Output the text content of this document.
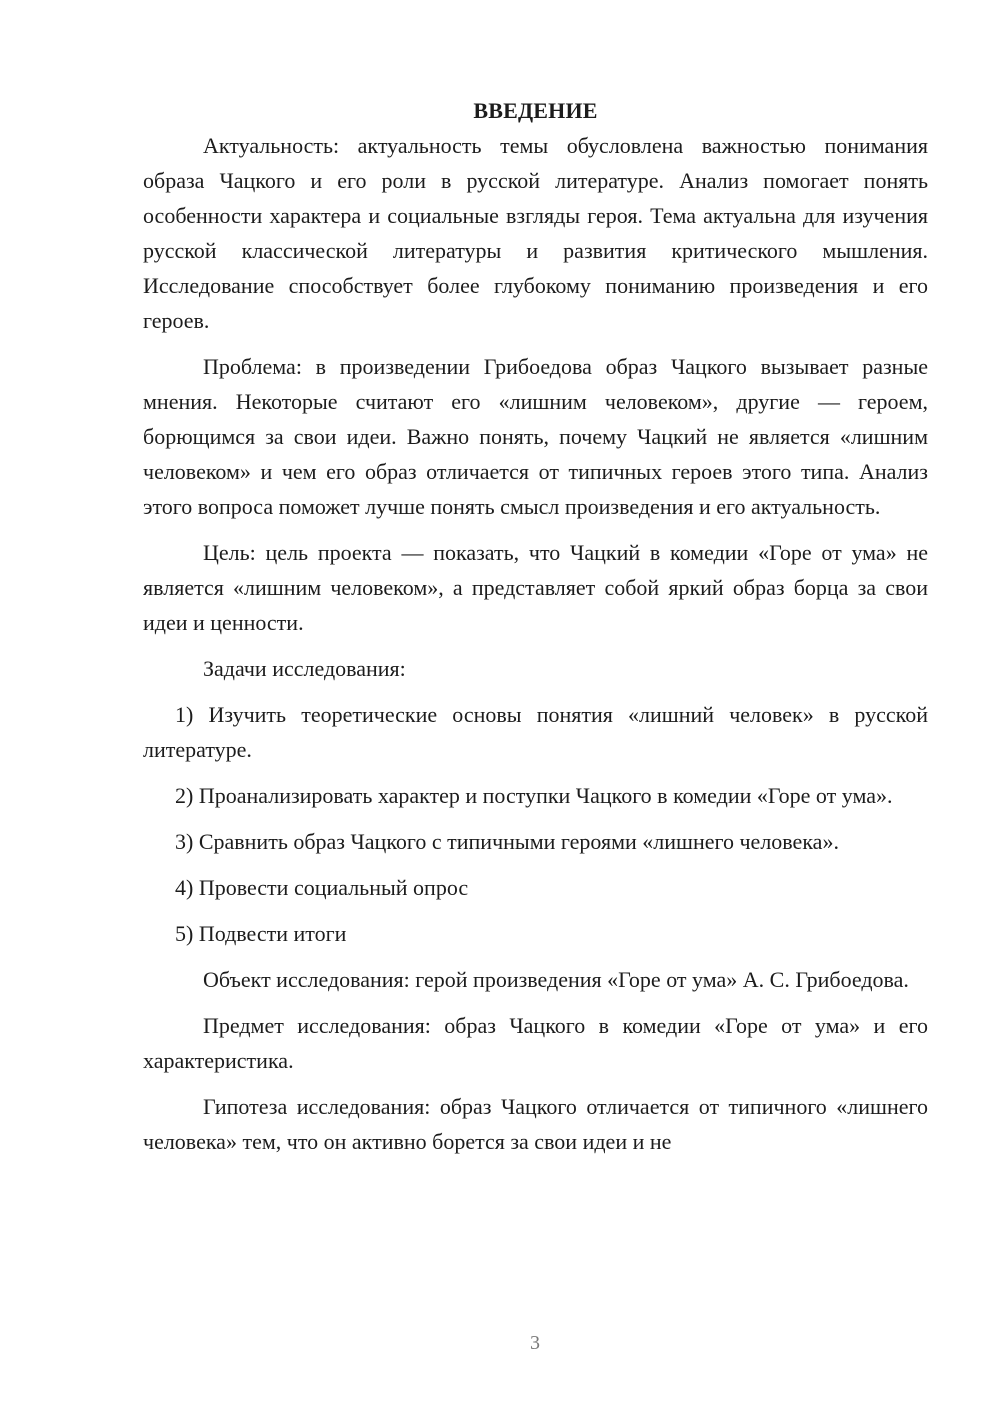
ВВЕДЕНИЕ

Актуальность: актуальность темы обусловлена важностью понимания образа Чацкого и его роли в русской литературе. Анализ помогает понять особенности характера и социальные взгляды героя. Тема актуальна для изучения русской классической литературы и развития критического мышления. Исследование способствует более глубокому пониманию произведения и его героев.

Проблема: в произведении Грибоедова образ Чацкого вызывает разные мнения. Некоторые считают его «лишним человеком», другие — героем, борющимся за свои идеи. Важно понять, почему Чацкий не является «лишним человеком» и чем его образ отличается от типичных героев этого типа. Анализ этого вопроса поможет лучше понять смысл произведения и его актуальность.

Цель: цель проекта — показать, что Чацкий в комедии «Горе от ума» не является «лишним человеком», а представляет собой яркий образ борца за свои идеи и ценности.

Задачи исследования:

1) Изучить теоретические основы понятия «лишний человек» в русской литературе.

2) Проанализировать характер и поступки Чацкого в комедии «Горе от ума».

3) Сравнить образ Чацкого с типичными героями «лишнего человека».

4) Провести социальный опрос

5) Подвести итоги

Объект исследования: герой произведения «Горе от ума» А. С. Грибоедова.

Предмет исследования: образ Чацкого в комедии «Горе от ума» и его характеристика.

Гипотеза исследования: образ Чацкого отличается от типичного «лишнего человека» тем, что он активно борется за свои идеи и не

3
